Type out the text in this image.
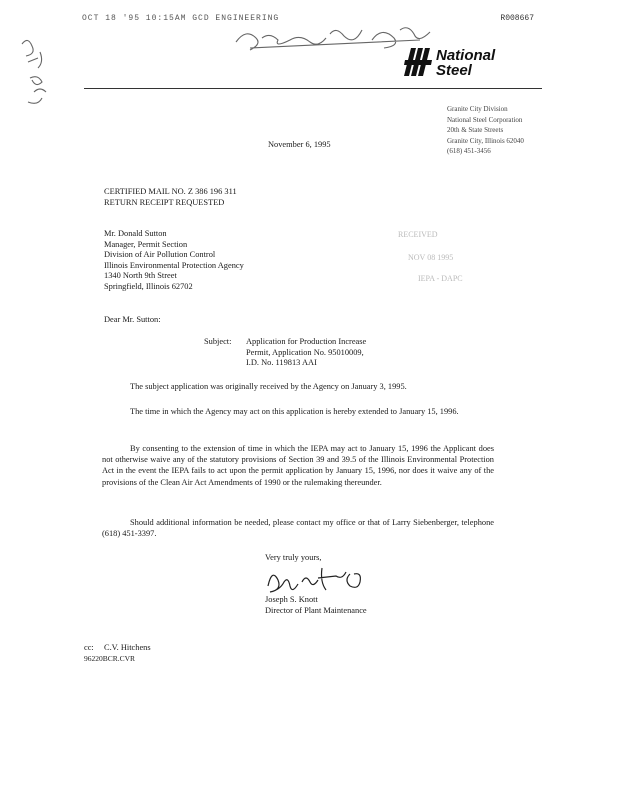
OCT 18 '95 10:15AM GCD ENGINEERING	R008667
National
Steel
Granite City Division
National Steel Corporation
20th & State Streets
Granite City, Illinois 62040
(618) 451-3456
November 6, 1995
CERTIFIED MAIL NO. Z 386 196 311
RETURN RECEIPT REQUESTED
Mr. Donald Sutton
Manager, Permit Section
Division of Air Pollution Control
Illinois Environmental Protection Agency
1340 North 9th Street
Springfield, Illinois 62702
RECEIVED
NOV 08 1995
IEPA - DAPC
Dear Mr. Sutton:
Subject: Application for Production Increase
Permit, Application No. 95010009,
I.D. No. 119813 AAI
The subject application was originally received by the Agency on January 3, 1995.
The time in which the Agency may act on this application is hereby extended to January 15, 1996.
By consenting to the extension of time in which the IEPA may act to January 15, 1996 the Applicant does not otherwise waive any of the statutory provisions of Section 39 and 39.5 of the Illinois Environmental Protection Act in the event the IEPA fails to act upon the permit application by January 15, 1996, nor does it waive any of the provisions of the Clean Air Act Amendments of 1990 or the rulemaking thereunder.
Should additional information be needed, please contact my office or that of Larry Siebenberger, telephone (618) 451-3397.
Very truly yours,
Joseph S. Knott
Director of Plant Maintenance
cc: C.V. Hitchens
96220BCR.CVR
